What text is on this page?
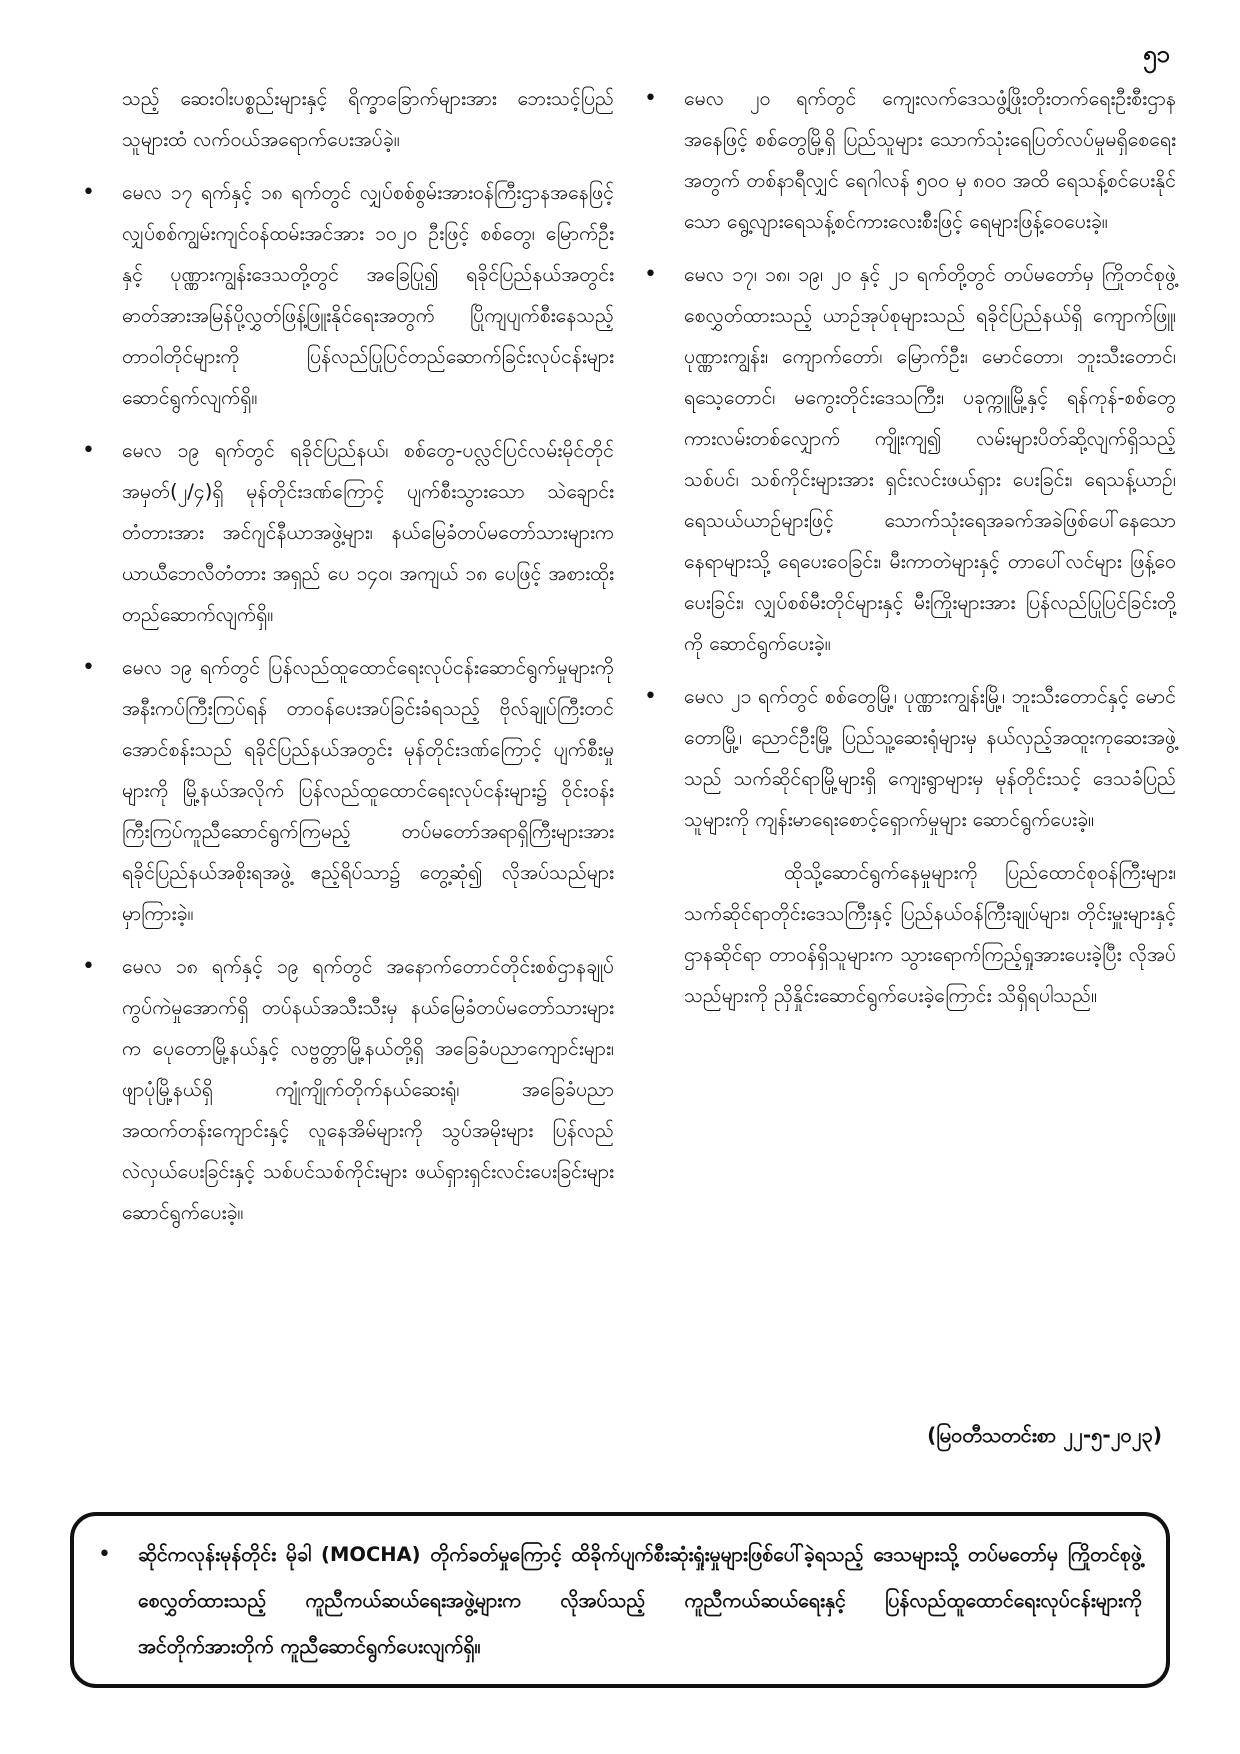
၅၁

သည့် ဆေးဝါးပစ္စည်းများနှင့် ရိက္ခာခြောက်များအား ဘေးသင့်ပြည်သူများထံ လက်ဝယ်အရောက်ပေးအပ်ခဲ့။

•	မေလ ၁၇ ရက်နှင့် ၁၈ ရက်တွင် လျှပ်စစ်စွမ်းအားဝန်ကြီးဌာနအနေဖြင့် လျှပ်စစ်ကျွမ်းကျင်ဝန်ထမ်းအင်အား ၁၀၂၀ ဦးဖြင့် စစ်တွေ၊ မြောက်ဦးနှင့် ပုဏ္ဏားကျွန်းဒေသတို့တွင် အခြေပြု၍ ရခိုင်ပြည်နယ်အတွင်း ဓာတ်အားအမြန်ပို့လွှတ်ဖြန့်ဖြူးနိုင်ရေးအတွက် ပြိုကျပျက်စီးနေသည့် တာဝါတိုင်များကို ပြန်လည်ပြုပြင်တည်ဆောက်ခြင်းလုပ်ငန်းများ ဆောင်ရွက်လျက်ရှိ။
•	မေလ ၁၉ ရက်တွင် ရခိုင်ပြည်နယ်၊ စစ်တွေ-ပလ္လင်ပြင်လမ်းမိုင်တိုင်အမှတ်(၂/၄)ရှိ မုန်တိုင်းဒဏ်ကြောင့် ပျက်စီးသွားသော သဲချောင်းတံတားအား အင်ဂျင်နီယာအဖွဲ့များ၊ နယ်မြေခံတပ်မတော်သားများက ယာယီဘေလီတံတား အရှည် ပေ ၁၄၀၊ အကျယ် ၁၈ ပေဖြင့် အစားထိုးတည်ဆောက်လျက်ရှိ။
•	မေလ ၁၉ ရက်တွင် ပြန်လည်ထူထောင်ရေးလုပ်ငန်းဆောင်ရွက်မှုများကို အနီးကပ်ကြီးကြပ်ရန် တာဝန်ပေးအပ်ခြင်းခံရသည့် ဗိုလ်ချုပ်ကြီးတင်အောင်စန်းသည် ရခိုင်ပြည်နယ်အတွင်း မုန်တိုင်းဒဏ်ကြောင့် ပျက်စီးမှုများကို မြို့နယ်အလိုက် ပြန်လည်ထူထောင်ရေးလုပ်ငန်းများ၌ ဝိုင်းဝန်းကြီးကြပ်ကူညီဆောင်ရွက်ကြမည့် တပ်မတော်အရာရှိကြီးများအား ရခိုင်ပြည်နယ်အစိုးရအဖွဲ့ ဧည့်ရိပ်သာ၌ တွေ့ဆုံ၍ လိုအပ်သည်များ မှာကြားခဲ့။
•	မေလ ၁၈ ရက်နှင့် ၁၉ ရက်တွင် အနောက်တောင်တိုင်းစစ်ဌာနချုပ် ကွပ်ကဲမှုအောက်ရှိ တပ်နယ်အသီးသီးမှ နယ်မြေခံတပ်မတော်သားများက ပေုတောမြို့နယ်နှင့် လဗ္ဗတ္တာမြို့နယ်တို့ရှိ အခြေခံပညာကျောင်းများ၊ ဖျာပုံမြို့နယ်ရှိ ကျုံကျိုက်တိုက်နယ်ဆေးရုံ၊ အခြေခံပညာအထက်တန်းကျောင်းနှင့် လူနေအိမ်များကို သွပ်အမိုးများ ပြန်လည်လဲလှယ်ပေးခြင်းနှင့် သစ်ပင်သစ်ကိုင်းများ ဖယ်ရှားရှင်းလင်းပေးခြင်းများ ဆောင်ရွက်ပေးခဲ့။
•	မေလ ၂၀ ရက်တွင် ကျေးလက်ဒေသဖွံ့ဖြိုးတိုးတက်ရေးဦးစီးဌာနအနေဖြင့် စစ်တွေမြို့ရှိ ပြည်သူများ သောက်သုံးရေပြတ်လပ်မှုမရှိစေရေးအတွက် တစ်နာရီလျှင် ရေဂါလန် ၅၀၀ မှ ၈၀၀ အထိ ရေသန့်စင်ပေးနိုင်သော ရွေ့လျားရေသန့်စင်ကားလေးစီးဖြင့် ရေများဖြန့်ဝေပေးခဲ့။
•	မေလ ၁၇၊ ၁၈၊ ၁၉၊ ၂၀ နှင့် ၂၁ ရက်တို့တွင် တပ်မတော်မှ ကြိုတင်စုဖွဲ့စေလွှတ်ထားသည့် ယာဉ်အုပ်စုများသည် ရခိုင်ပြည်နယ်ရှိ ကျောက်ဖြူ၊ ပုဏ္ဏားကျွန်း၊ ကျောက်တော်၊ မြောက်ဦး၊ မောင်တော၊ ဘူးသီးတောင်၊ ရသေ့တောင်၊ မကွေးတိုင်းဒေသကြီး၊ ပခုက္ကူမြို့နှင့် ရန်ကုန်-စစ်တွေ ကားလမ်းတစ်လျှောက် ကျိုးကျ၍ လမ်းများပိတ်ဆို့လျက်ရှိသည့် သစ်ပင်၊ သစ်ကိုင်းများအား ရှင်းလင်းဖယ်ရှား ပေးခြင်း၊ ရေသန့်ယာဉ်၊ ရေသယ်ယာဉ်များဖြင့် သောက်သုံးရေအခက်အခဲဖြစ်ပေါ်နေသော နေရာများသို့ ရေပေးဝေခြင်း၊ မီးကာတဲများနှင့် တာပေါ်လင်များ ဖြန့်ဝေပေးခြင်း၊ လျှပ်စစ်မီးတိုင်များနှင့် မီးကြိုးများအား ပြန်လည်ပြုပြင်ခြင်းတို့ကို ဆောင်ရွက်ပေးခဲ့။
•	မေလ ၂၁ ရက်တွင် စစ်တွေမြို့၊ ပုဏ္ဏားကျွန်းမြို့၊ ဘူးသီးတောင်နှင့် မောင်တောမြို့၊ ညောင်ဦးမြို့ ပြည်သူ့ဆေးရုံများမှ နယ်လှည့်အထူးကုဆေးအဖွဲ့သည် သက်ဆိုင်ရာမြို့များရှိ ကျေးရွာများမှ မုန်တိုင်းသင့် ဒေသခံပြည်သူများကို ကျန်းမာရေးစောင့်ရှောက်မှုများ ဆောင်ရွက်ပေးခဲ့။

ထိုသို့ဆောင်ရွက်နေမှုများကို ပြည်ထောင်စုဝန်ကြီးများ၊ သက်ဆိုင်ရာတိုင်းဒေသကြီးနှင့် ပြည်နယ်ဝန်ကြီးချုပ်များ၊ တိုင်းမှူးများနှင့် ဌာနဆိုင်ရာ တာဝန်ရှိသူများက သွားရောက်ကြည့်ရှုအားပေးခဲ့ပြီး လိုအပ်သည်များကို ညှိနှိုင်းဆောင်ရွက်ပေးခဲ့ကြောင်း သိရှိရပါသည်။

(မြဝတီသတင်းစာ ၂၂-၅-၂၀၂၃)
•	ဆိုင်ကလုန်းမုန်တိုင်း မိုခါ (MOCHA) တိုက်ခတ်မှုကြောင့် ထိခိုက်ပျက်စီးဆုံးရှုံးမှုများဖြစ်ပေါ်ခဲ့ရသည့် ဒေသများသို့ တပ်မတော်မှ ကြိုတင်စုဖွဲ့စေလွှတ်ထားသည့် ကူညီကယ်ဆယ်ရေးအဖွဲ့များက လိုအပ်သည့် ကူညီကယ်ဆယ်ရေးနှင့် ပြန်လည်ထူထောင်ရေးလုပ်ငန်းများကို အင်တိုက်အားတိုက် ကူညီဆောင်ရွက်ပေးလျက်ရှိ။
